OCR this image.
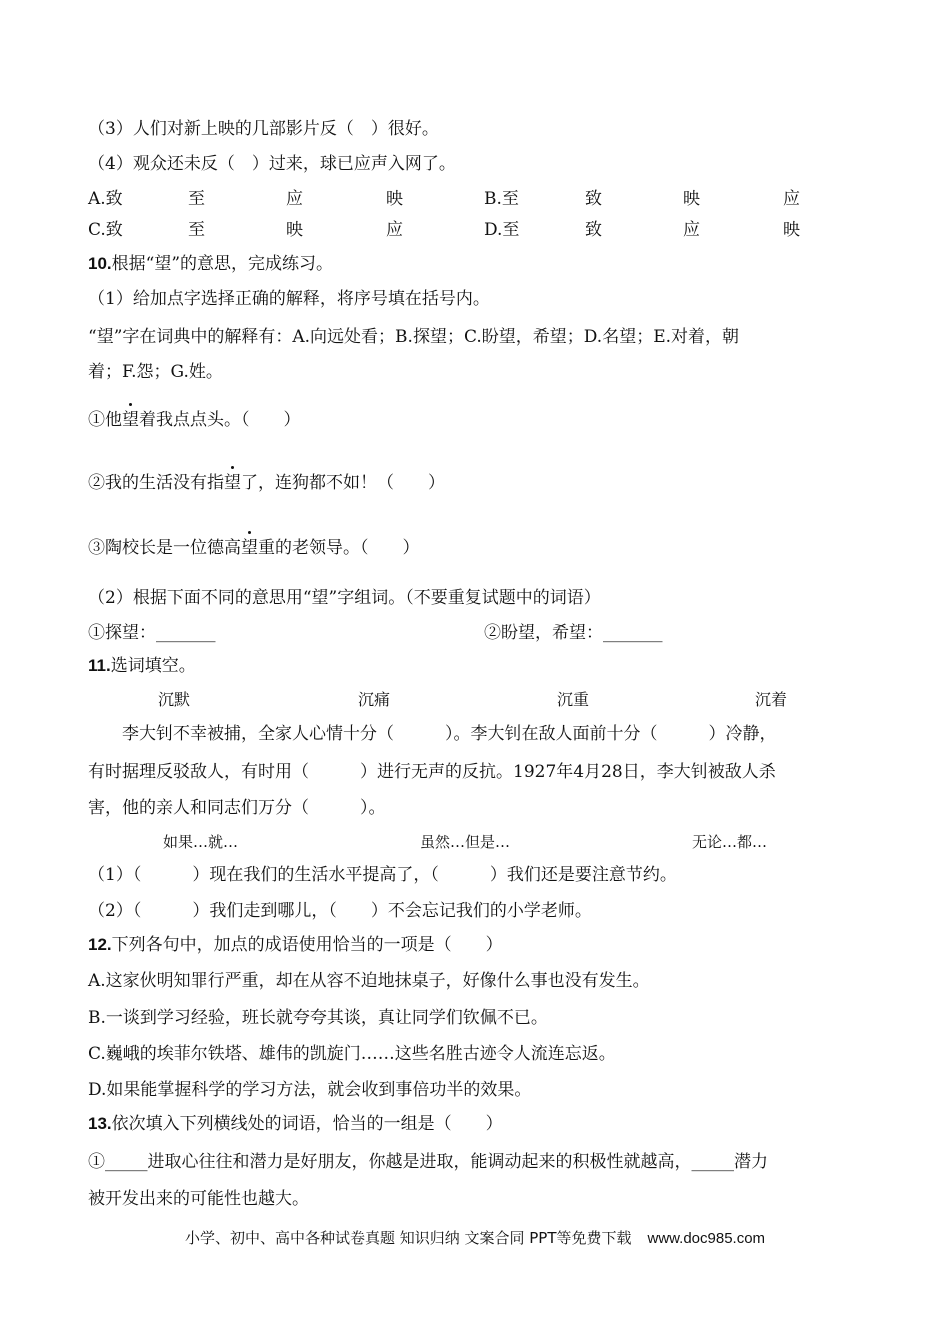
（3）人们对新上映的几部影片反（　）很好。
（4）观众还未反（　）过来，球已应声入网了。
A.致	至	应	映	B.至	致	映	应
C.致	至	映	应	D.至	致	应	映
10.根据“望”的意思，完成练习。
（1）给加点字选择正确的解释，将序号填在括号内。
“望”字在词典中的解释有：A.向远处看；B.探望；C.盼望，希望；D.名望；E.对着，朝
着；F.怨；G.姓。
①他望着我点点头。（　　）
②我的生活没有指望了，连狗都不如！（　　）
③陶校长是一位德高望重的老领导。（　　）
（2）根据下面不同的意思用“望”字组词。（不要重复试题中的词语）
①探望：_______	②盼望，希望：_______
11.选词填空。
沉默	沉痛	沉重	沉着
李大钊不幸被捕，全家人心情十分（　　　）。李大钊在敌人面前十分（　　　）冷静，
有时据理反驳敌人，有时用（　　　）进行无声的反抗。1927年4月28日，李大钊被敌人杀
害，他的亲人和同志们万分（　　　）。
如果…就…	虽然…但是…	无论…都…
（1）（　　　）现在我们的生活水平提高了，（　　　）我们还是要注意节约。
（2）（　　　）我们走到哪儿，（　　）不会忘记我们的小学老师。
12.下列各句中，加点的成语使用恰当的一项是（　　）
A.这家伙明知罪行严重，却在从容不迫地抹桌子，好像什么事也没有发生。
B.一谈到学习经验，班长就夸夸其谈，真让同学们钦佩不已。
C.巍峨的埃菲尔铁塔、雄伟的凯旋门……这些名胜古迹令人流连忘返。
D.如果能掌握科学的学习方法，就会收到事倍功半的效果。
13.依次填入下列横线处的词语，恰当的一组是（　　）
①_____进取心往往和潜力是好朋友，你越是进取，能调动起来的积极性就越高，_____潜力
被开发出来的可能性也越大。
小学、初中、高中各种试卷真题 知识归纳 文案合同 PPT等免费下载 www.doc985.com
